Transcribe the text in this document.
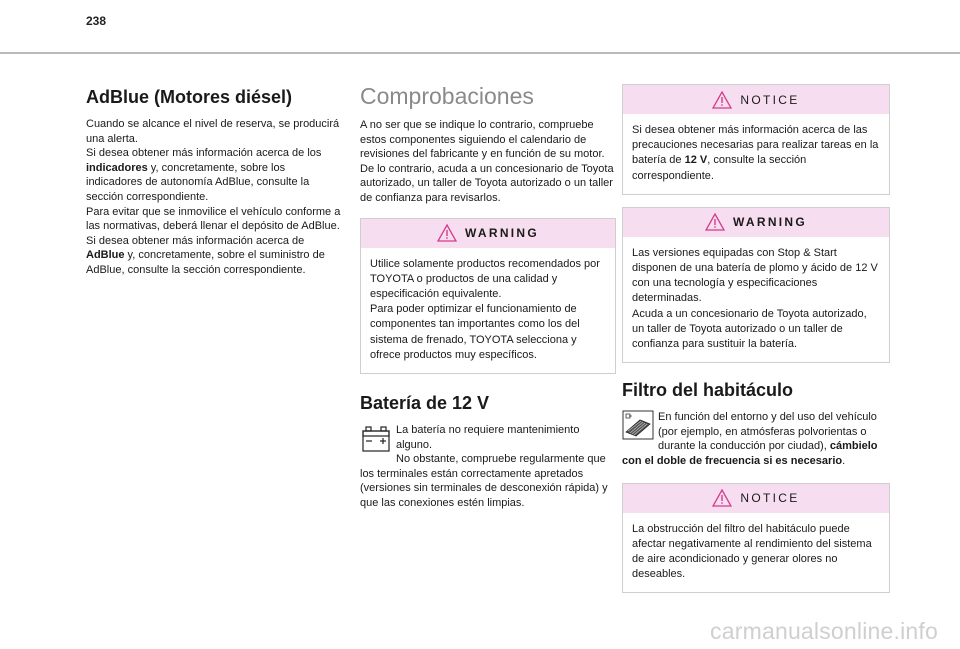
238
AdBlue (Motores diésel)

Cuando se alcance el nivel de reserva, se producirá una alerta.
Si desea obtener más información acerca de los indicadores y, concretamente, sobre los indicadores de autonomía AdBlue, consulte la sección correspondiente.
Para evitar que se inmovilice el vehículo conforme a las normativas, deberá llenar el depósito de AdBlue.
Si desea obtener más información acerca de AdBlue y, concretamente, sobre el suministro de AdBlue, consulte la sección correspondiente.

Comprobaciones

A no ser que se indique lo contrario, compruebe estos componentes siguiendo el calendario de revisiones del fabricante y en función de su motor.
De lo contrario, acuda a un concesionario de Toyota autorizado, un taller de Toyota autorizado o un taller de confianza para revisarlos.

WARNING
Utilice solamente productos recomendados por TOYOTA o productos de una calidad y especificación equivalente.
Para poder optimizar el funcionamiento de componentes tan importantes como los del sistema de frenado, TOYOTA selecciona y ofrece productos muy específicos.
Batería de 12 V

La batería no requiere mantenimiento alguno.
No obstante, compruebe regularmente que los terminales están correctamente apretados (versiones sin terminales de desconexión rápida) y que las conexiones estén limpias.

NOTICE
Si desea obtener más información acerca de las precauciones necesarias para realizar tareas en la batería de 12 V, consulte la sección correspondiente.
WARNING
Las versiones equipadas con Stop & Start disponen de una batería de plomo y ácido de 12 V con una tecnología y especificaciones determinadas.
Acuda a un concesionario de Toyota autorizado, un taller de Toyota autorizado o un taller de confianza para sustituir la batería.
Filtro del habitáculo

En función del entorno y del uso del vehículo (por ejemplo, en atmósferas polvorientas o durante la conducción por ciudad), cámbielo con el doble de frecuencia si es necesario.

NOTICE
La obstrucción del filtro del habitáculo puede afectar negativamente al rendimiento del sistema de aire acondicionado y generar olores no deseables.
carmanualsonline.info
